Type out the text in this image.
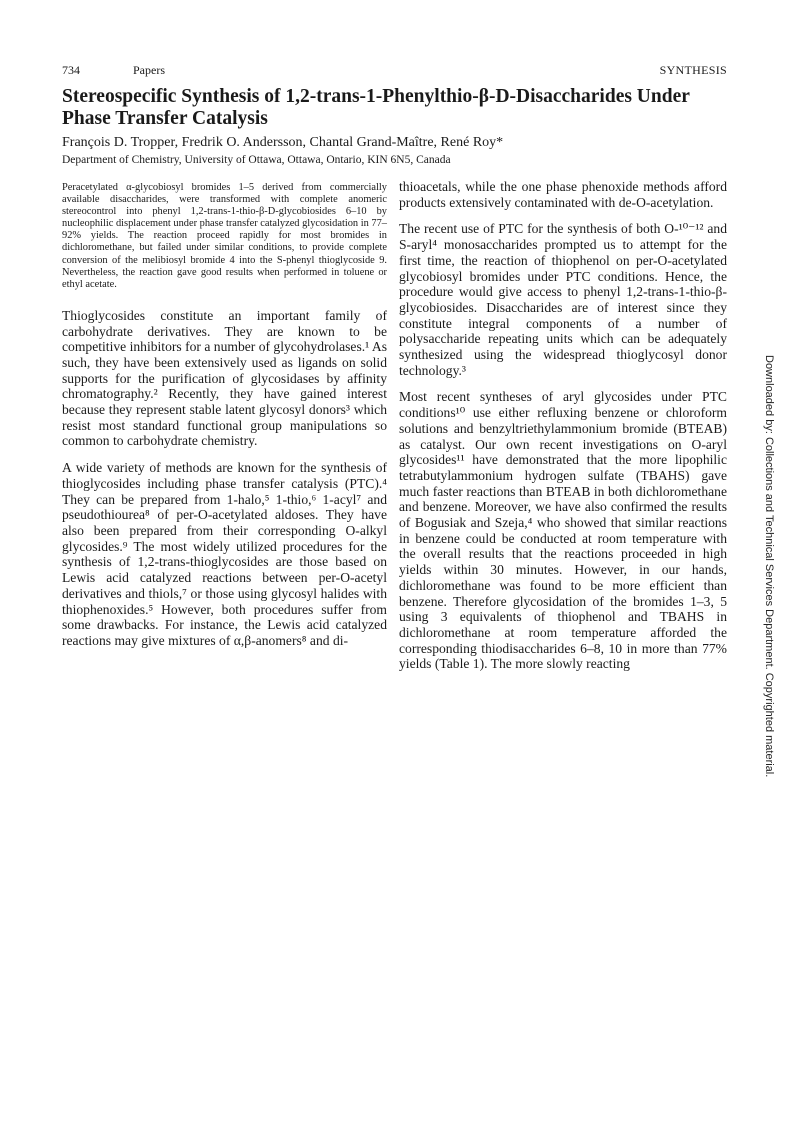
734	Papers	SYNTHESIS
Stereospecific Synthesis of 1,2-trans-1-Phenylthio-β-D-Disaccharides Under Phase Transfer Catalysis
François D. Tropper, Fredrik O. Andersson, Chantal Grand-Maître, René Roy*
Department of Chemistry, University of Ottawa, Ottawa, Ontario, KIN 6N5, Canada

Peracetylated α-glycobiosyl bromides 1–5 derived from commercially available disaccharides, were transformed with complete anomeric stereocontrol into phenyl 1,2-trans-1-thio-β-D-glycobiosides 6–10 by nucleophilic displacement under phase transfer catalyzed glycosidation in 77–92% yields. The reaction proceed rapidly for most bromides in dichloromethane, but failed under similar conditions, to provide complete conversion of the melibiosyl bromide 4 into the S-phenyl thioglycoside 9. Nevertheless, the reaction gave good results when performed in toluene or ethyl acetate.

Thioglycosides constitute an important family of carbohydrate derivatives. They are known to be competitive inhibitors for a number of glycohydrolases.¹ As such, they have been extensively used as ligands on solid supports for the purification of glycosidases by affinity chromatography.² Recently, they have gained interest because they represent stable latent glycosyl donors³ which resist most standard functional group manipulations so common to carbohydrate chemistry.

A wide variety of methods are known for the synthesis of thioglycosides including phase transfer catalysis (PTC).⁴ They can be prepared from 1-halo,⁵ 1-thio,⁶ 1-acyl⁷ and pseudothiourea⁸ of per-O-acetylated aldoses. They have also been prepared from their corresponding O-alkyl glycosides.⁹ The most widely utilized procedures for the synthesis of 1,2-trans-thioglycosides are those based on Lewis acid catalyzed reactions between per-O-acetyl derivatives and thiols,⁷ or those using glycosyl halides with thiophenoxides.⁵ However, both procedures suffer from some drawbacks. For instance, the Lewis acid catalyzed reactions may give mixtures of α,β-anomers⁸ and di-

thioacetals, while the one phase phenoxide methods afford products extensively contaminated with de-O-acetylation.

The recent use of PTC for the synthesis of both O-¹⁰⁻¹² and S-aryl⁴ monosaccharides prompted us to attempt for the first time, the reaction of thiophenol on per-O-acetylated glycobiosyl bromides under PTC conditions. Hence, the procedure would give access to phenyl 1,2-trans-1-thio-β-glycobiosides. Disaccharides are of interest since they constitute integral components of a number of polysaccharide repeating units which can be adequately synthesized using the widespread thioglycosyl donor technology.³

Most recent syntheses of aryl glycosides under PTC conditions¹⁰ use either refluxing benzene or chloroform solutions and benzyltriethylammonium bromide (BTEAB) as catalyst. Our own recent investigations on O-aryl glycosides¹¹ have demonstrated that the more lipophilic tetrabutylammonium hydrogen sulfate (TBAHS) gave much faster reactions than BTEAB in both dichloromethane and benzene. Moreover, we have also confirmed the results of Bogusiak and Szeja,⁴ who showed that similar reactions in benzene could be conducted at room temperature with the overall results that the reactions proceeded in high yields within 30 minutes. However, in our hands, dichloromethane was found to be more efficient than benzene. Therefore glycosidation of the bromides 1–3, 5 using 3 equivalents of thiophenol and TBAHS in dichloromethane at room temperature afforded the corresponding thiodisaccharides 6–8, 10 in more than 77% yields (Table 1). The more slowly reacting	Downloaded by: Collections and Technical Services Department. Copyrighted material.
